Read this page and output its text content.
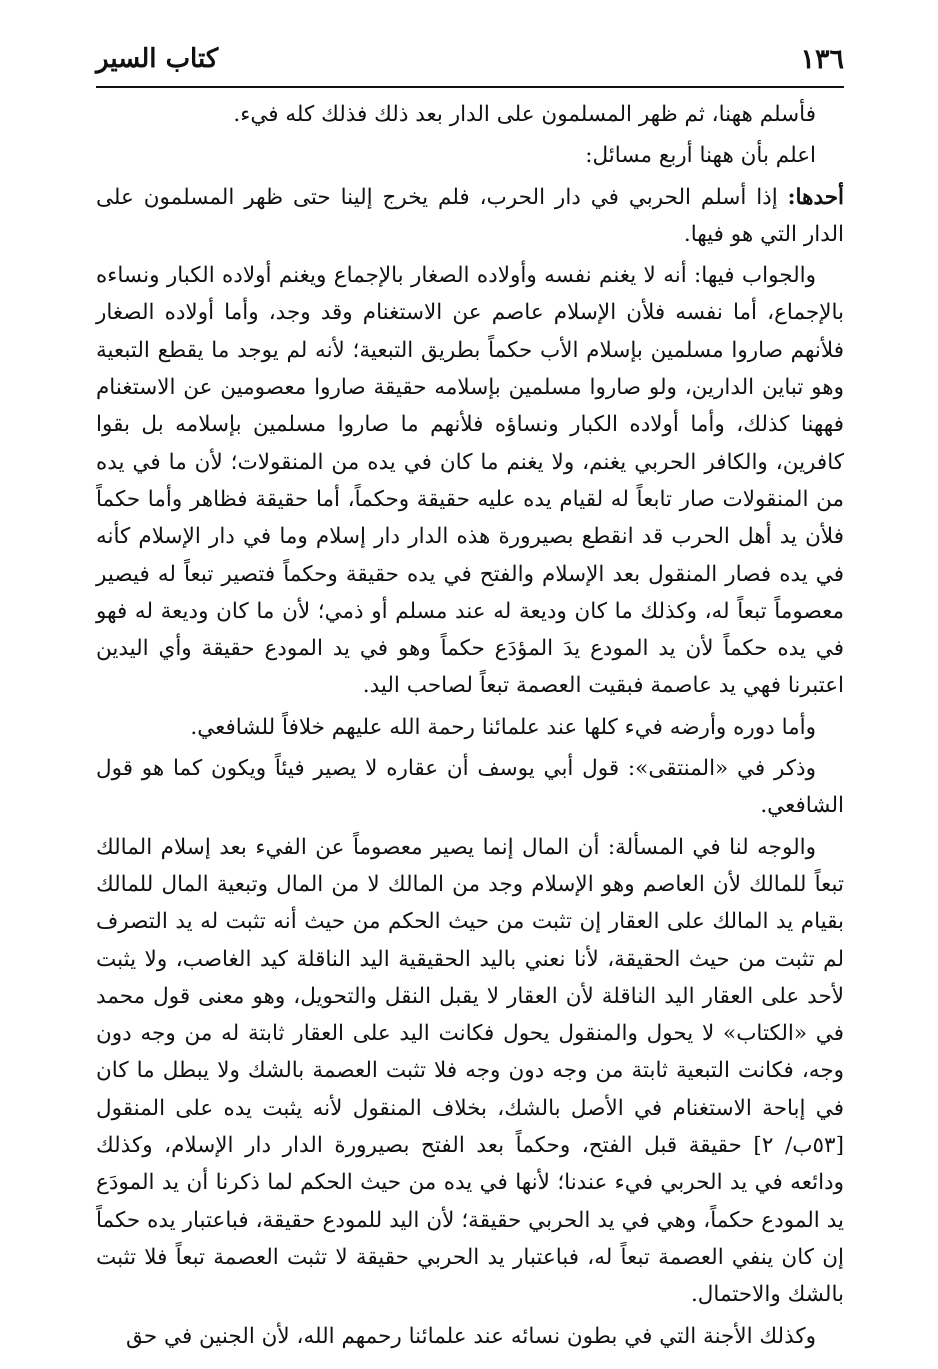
١٣٦
كتاب السير

فأسلم ههنا، ثم ظهر المسلمون على الدار بعد ذلك فذلك كله فيء.

اعلم بأن ههنا أربع مسائل:

أحدها: إذا أسلم الحربي في دار الحرب، فلم يخرج إلينا حتى ظهر المسلمون على الدار التي هو فيها.

والجواب فيها: أنه لا يغنم نفسه وأولاده الصغار بالإجماع ويغنم أولاده الكبار ونساءه بالإجماع، أما نفسه فلأن الإسلام عاصم عن الاستغنام وقد وجد، وأما أولاده الصغار فلأنهم صاروا مسلمين بإسلام الأب حكماً بطريق التبعية؛ لأنه لم يوجد ما يقطع التبعية وهو تباين الدارين، ولو صاروا مسلمين بإسلامه حقيقة صاروا معصومين عن الاستغنام فههنا كذلك، وأما أولاده الكبار ونساؤه فلأنهم ما صاروا مسلمين بإسلامه بل بقوا كافرين، والكافر الحربي يغنم، ولا يغنم ما كان في يده من المنقولات؛ لأن ما في يده من المنقولات صار تابعاً له لقيام يده عليه حقيقة وحكماً، أما حقيقة فظاهر وأما حكماً فلأن يد أهل الحرب قد انقطع بصيرورة هذه الدار دار إسلام وما في دار الإسلام كأنه في يده فصار المنقول بعد الإسلام والفتح في يده حقيقة وحكماً فتصير تبعاً له فيصير معصوماً تبعاً له، وكذلك ما كان وديعة له عند مسلم أو ذمي؛ لأن ما كان وديعة له فهو في يده حكماً لأن يد المودع يدَ المؤدَع حكماً وهو في يد المودع حقيقة وأي اليدين اعتبرنا فهي يد عاصمة فبقيت العصمة تبعاً لصاحب اليد.

وأما دوره وأرضه فيء كلها عند علمائنا رحمة الله عليهم خلافاً للشافعي.

وذكر في «المنتقى»: قول أبي يوسف أن عقاره لا يصير فيئاً ويكون كما هو قول الشافعي.

والوجه لنا في المسألة: أن المال إنما يصير معصوماً عن الفيء بعد إسلام المالك تبعاً للمالك لأن العاصم وهو الإسلام وجد من المالك لا من المال وتبعية المال للمالك بقيام يد المالك على العقار إن تثبت من حيث الحكم من حيث أنه تثبت له يد التصرف لم تثبت من حيث الحقيقة، لأنا نعني باليد الحقيقية اليد الناقلة كيد الغاصب، ولا يثبت لأحد على العقار اليد الناقلة لأن العقار لا يقبل النقل والتحويل، وهو معنى قول محمد في «الكتاب» لا يحول والمنقول يحول فكانت اليد على العقار ثابتة له من وجه دون وجه، فكانت التبعية ثابتة من وجه دون وجه فلا تثبت العصمة بالشك ولا يبطل ما كان في إباحة الاستغنام في الأصل بالشك، بخلاف المنقول لأنه يثبت يده على المنقول [٥٣ب/ ٢] حقيقة قبل الفتح، وحكماً بعد الفتح بصيرورة الدار دار الإسلام، وكذلك ودائعه في يد الحربي فيء عندنا؛ لأنها في يده من حيث الحكم لما ذكرنا أن يد المودَع يد المودع حكماً، وهي في يد الحربي حقيقة؛ لأن اليد للمودع حقيقة، فباعتبار يده حكماً إن كان ينفي العصمة تبعاً له، فباعتبار يد الحربي حقيقة لا تثبت العصمة تبعاً فلا تثبت بالشك والاحتمال.

وكذلك الأجنة التي في بطون نسائه عند علمائنا رحمهم الله، لأن الجنين في حق
